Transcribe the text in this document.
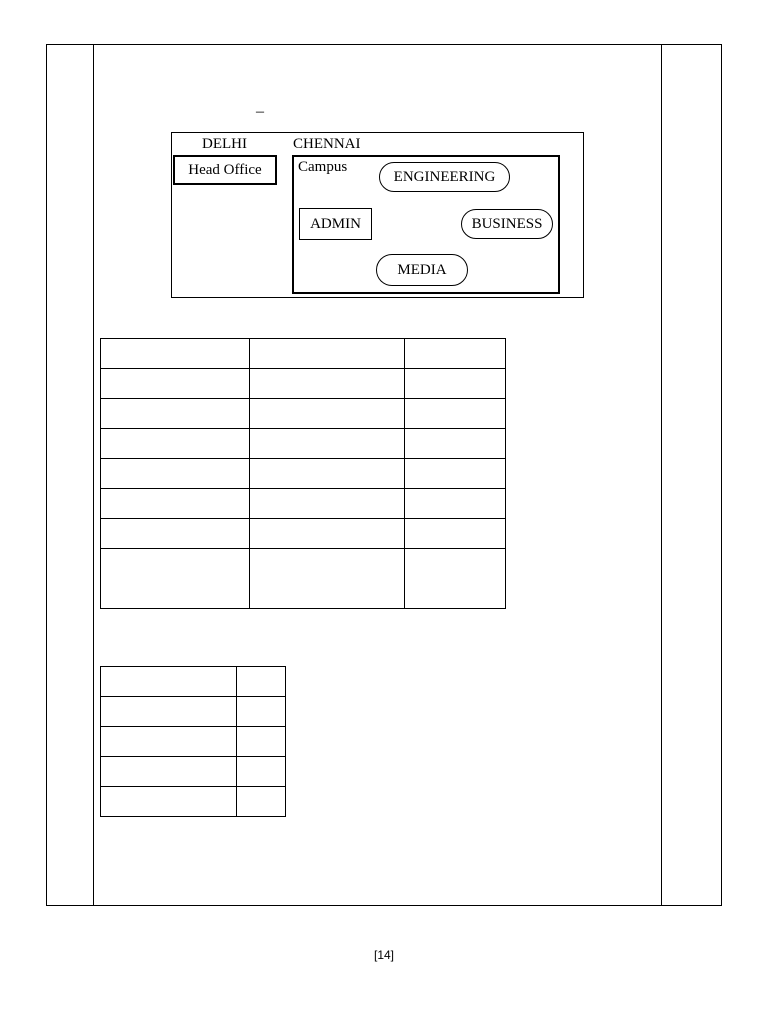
–
DELHI	CHENNAI
Head Office	Campus
ENGINEERING
ADMIN	BUSINESS
MEDIA

[14]
